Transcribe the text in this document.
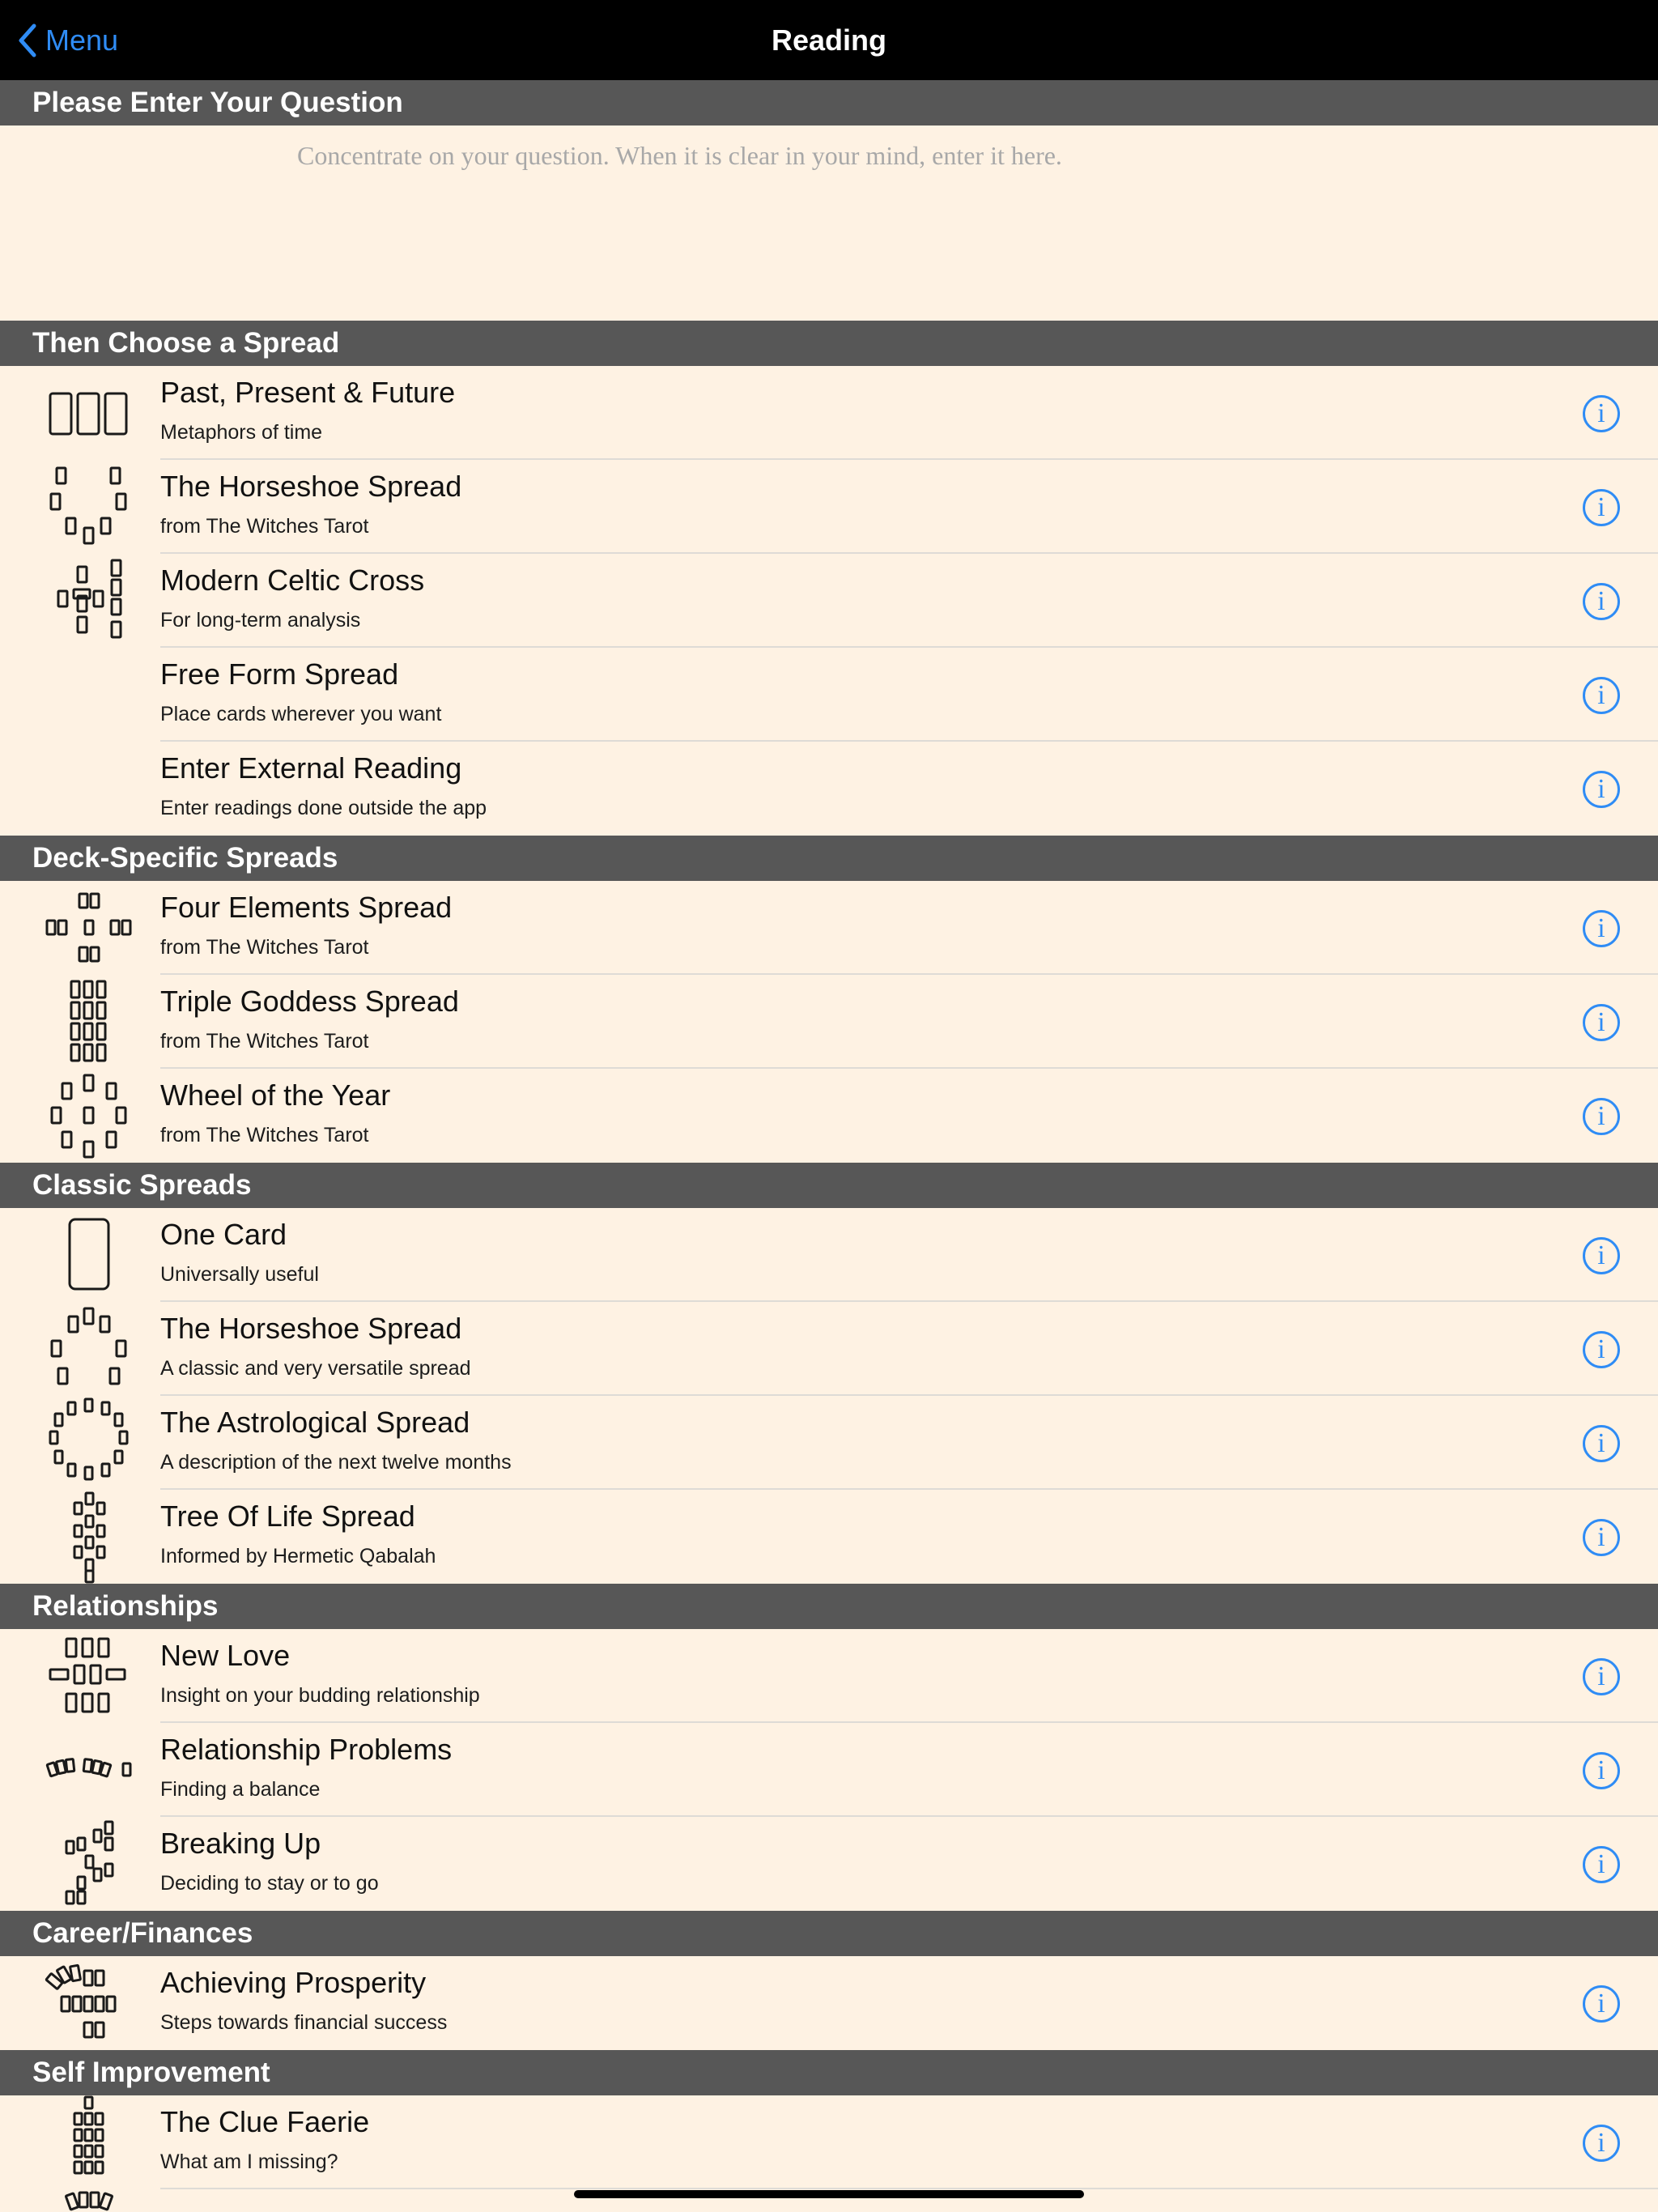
Menu	Reading
Please Enter Your Question
Concentrate on your question. When it is clear in your mind, enter it here.
Then Choose a Spread
Past, Present & Future
Metaphors of time
i
The Horseshoe Spread
from The Witches Tarot
i
Modern Celtic Cross
For long-term analysis
i
Free Form Spread
Place cards wherever you want
i
Enter External Reading
Enter readings done outside the app
i
Deck-Specific Spreads
Four Elements Spread
from The Witches Tarot
i
Triple Goddess Spread
from The Witches Tarot
i
Wheel of the Year
from The Witches Tarot
i
Classic Spreads
One Card
Universally useful
i
The Horseshoe Spread
A classic and very versatile spread
i
The Astrological Spread
A description of the next twelve months
i
Tree Of Life Spread
Informed by Hermetic Qabalah
i
Relationships
New Love
Insight on your budding relationship
i
Relationship Problems
Finding a balance
i
Breaking Up
Deciding to stay or to go
i
Career/Finances
Achieving Prosperity
Steps towards financial success
i
Self Improvement
The Clue Faerie
What am I missing?
i
